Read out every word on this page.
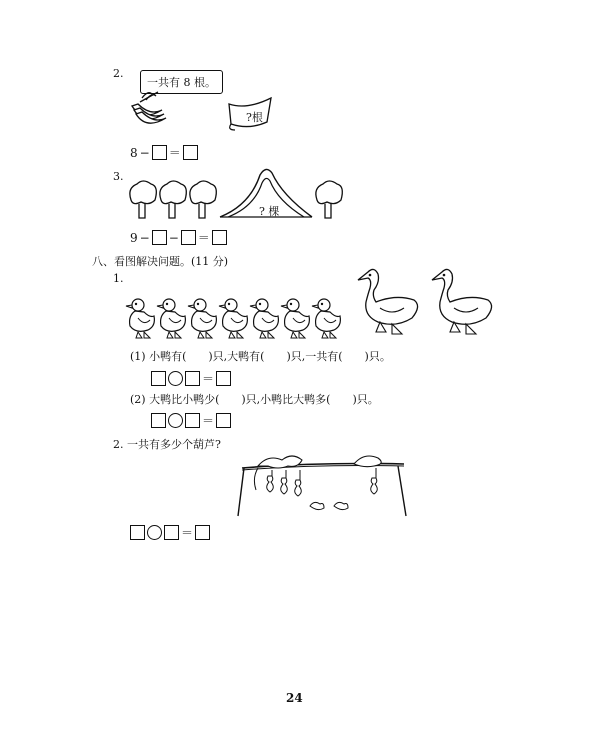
2.
一共有 8 根。
?根
8 − ＝
3.
? 棵
9 − − ＝
八、看图解决问题。(11 分)
1.
(1) 小鸭有(　　)只,大鸭有(　　)只,一共有(　　)只。
＝
(2) 大鸭比小鸭少(　　)只,小鸭比大鸭多(　　)只。
＝
2. 一共有多少个葫芦?
＝
24
